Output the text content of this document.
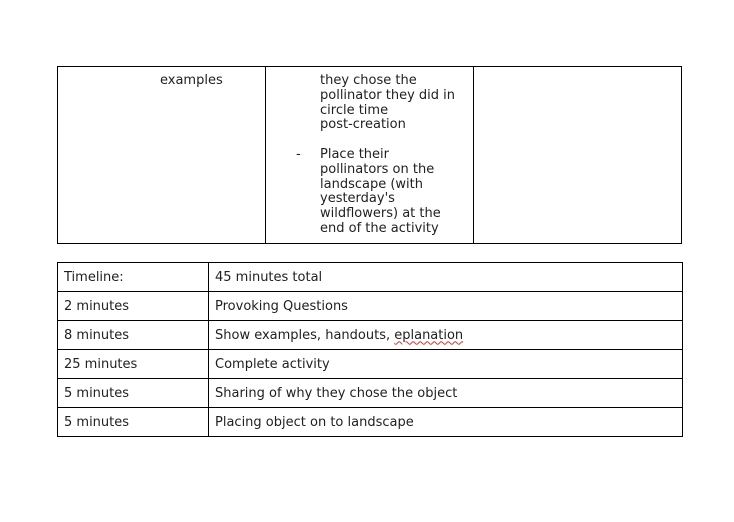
examples	they chose the
pollinator they did in
circle time
post-creation
- Place their
pollinators on the
landscape (with
yesterday's
wildflowers) at the
end of the activity

Timeline:	45 minutes total
2 minutes	Provoking Questions
8 minutes	Show examples, handouts, eplanation
25 minutes	Complete activity
5 minutes	Sharing of why they chose the object
5 minutes	Placing object on to landscape
